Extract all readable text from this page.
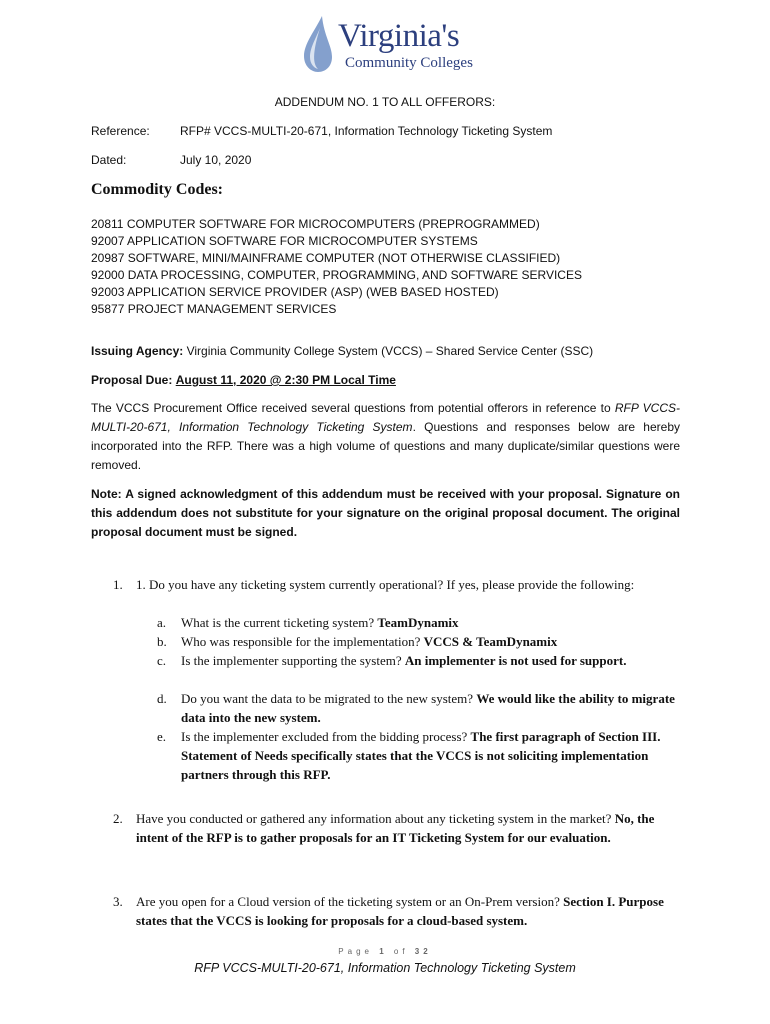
Virginia's
Community Colleges
ADDENDUM NO. 1 TO ALL OFFERORS:
Reference:	RFP# VCCS-MULTI-20-671, Information Technology Ticketing System
Dated:	July 10, 2020
Commodity Codes:
20811 COMPUTER SOFTWARE FOR MICROCOMPUTERS (PREPROGRAMMED)
92007 APPLICATION SOFTWARE FOR MICROCOMPUTER SYSTEMS
20987 SOFTWARE, MINI/MAINFRAME COMPUTER (NOT OTHERWISE CLASSIFIED)
92000 DATA PROCESSING, COMPUTER, PROGRAMMING, AND SOFTWARE SERVICES
92003 APPLICATION SERVICE PROVIDER (ASP) (WEB BASED HOSTED)
95877 PROJECT MANAGEMENT SERVICES
Issuing Agency: Virginia Community College System (VCCS) – Shared Service Center (SSC)
Proposal Due: August 11, 2020 @ 2:30 PM Local Time
The VCCS Procurement Office received several questions from potential offerors in reference to RFP VCCS-MULTI-20-671, Information Technology Ticketing System. Questions and responses below are hereby incorporated into the RFP. There was a high volume of questions and many duplicate/similar questions were removed.
Note: A signed acknowledgment of this addendum must be received with your proposal. Signature on this addendum does not substitute for your signature on the original proposal document. The original proposal document must be signed.
1. 1. Do you have any ticketing system currently operational? If yes, please provide the following:
a. What is the current ticketing system? TeamDynamix
b. Who was responsible for the implementation? VCCS & TeamDynamix
c. Is the implementer supporting the system? An implementer is not used for support.
d. Do you want the data to be migrated to the new system? We would like the ability to migrate data into the new system.
e. Is the implementer excluded from the bidding process? The first paragraph of Section III. Statement of Needs specifically states that the VCCS is not soliciting implementation partners through this RFP.
2. Have you conducted or gathered any information about any ticketing system in the market? No, the intent of the RFP is to gather proposals for an IT Ticketing System for our evaluation.
3. Are you open for a Cloud version of the ticketing system or an On-Prem version? Section I. Purpose states that the VCCS is looking for proposals for a cloud-based system.
Page 1 of 32
RFP VCCS-MULTI-20-671, Information Technology Ticketing System
